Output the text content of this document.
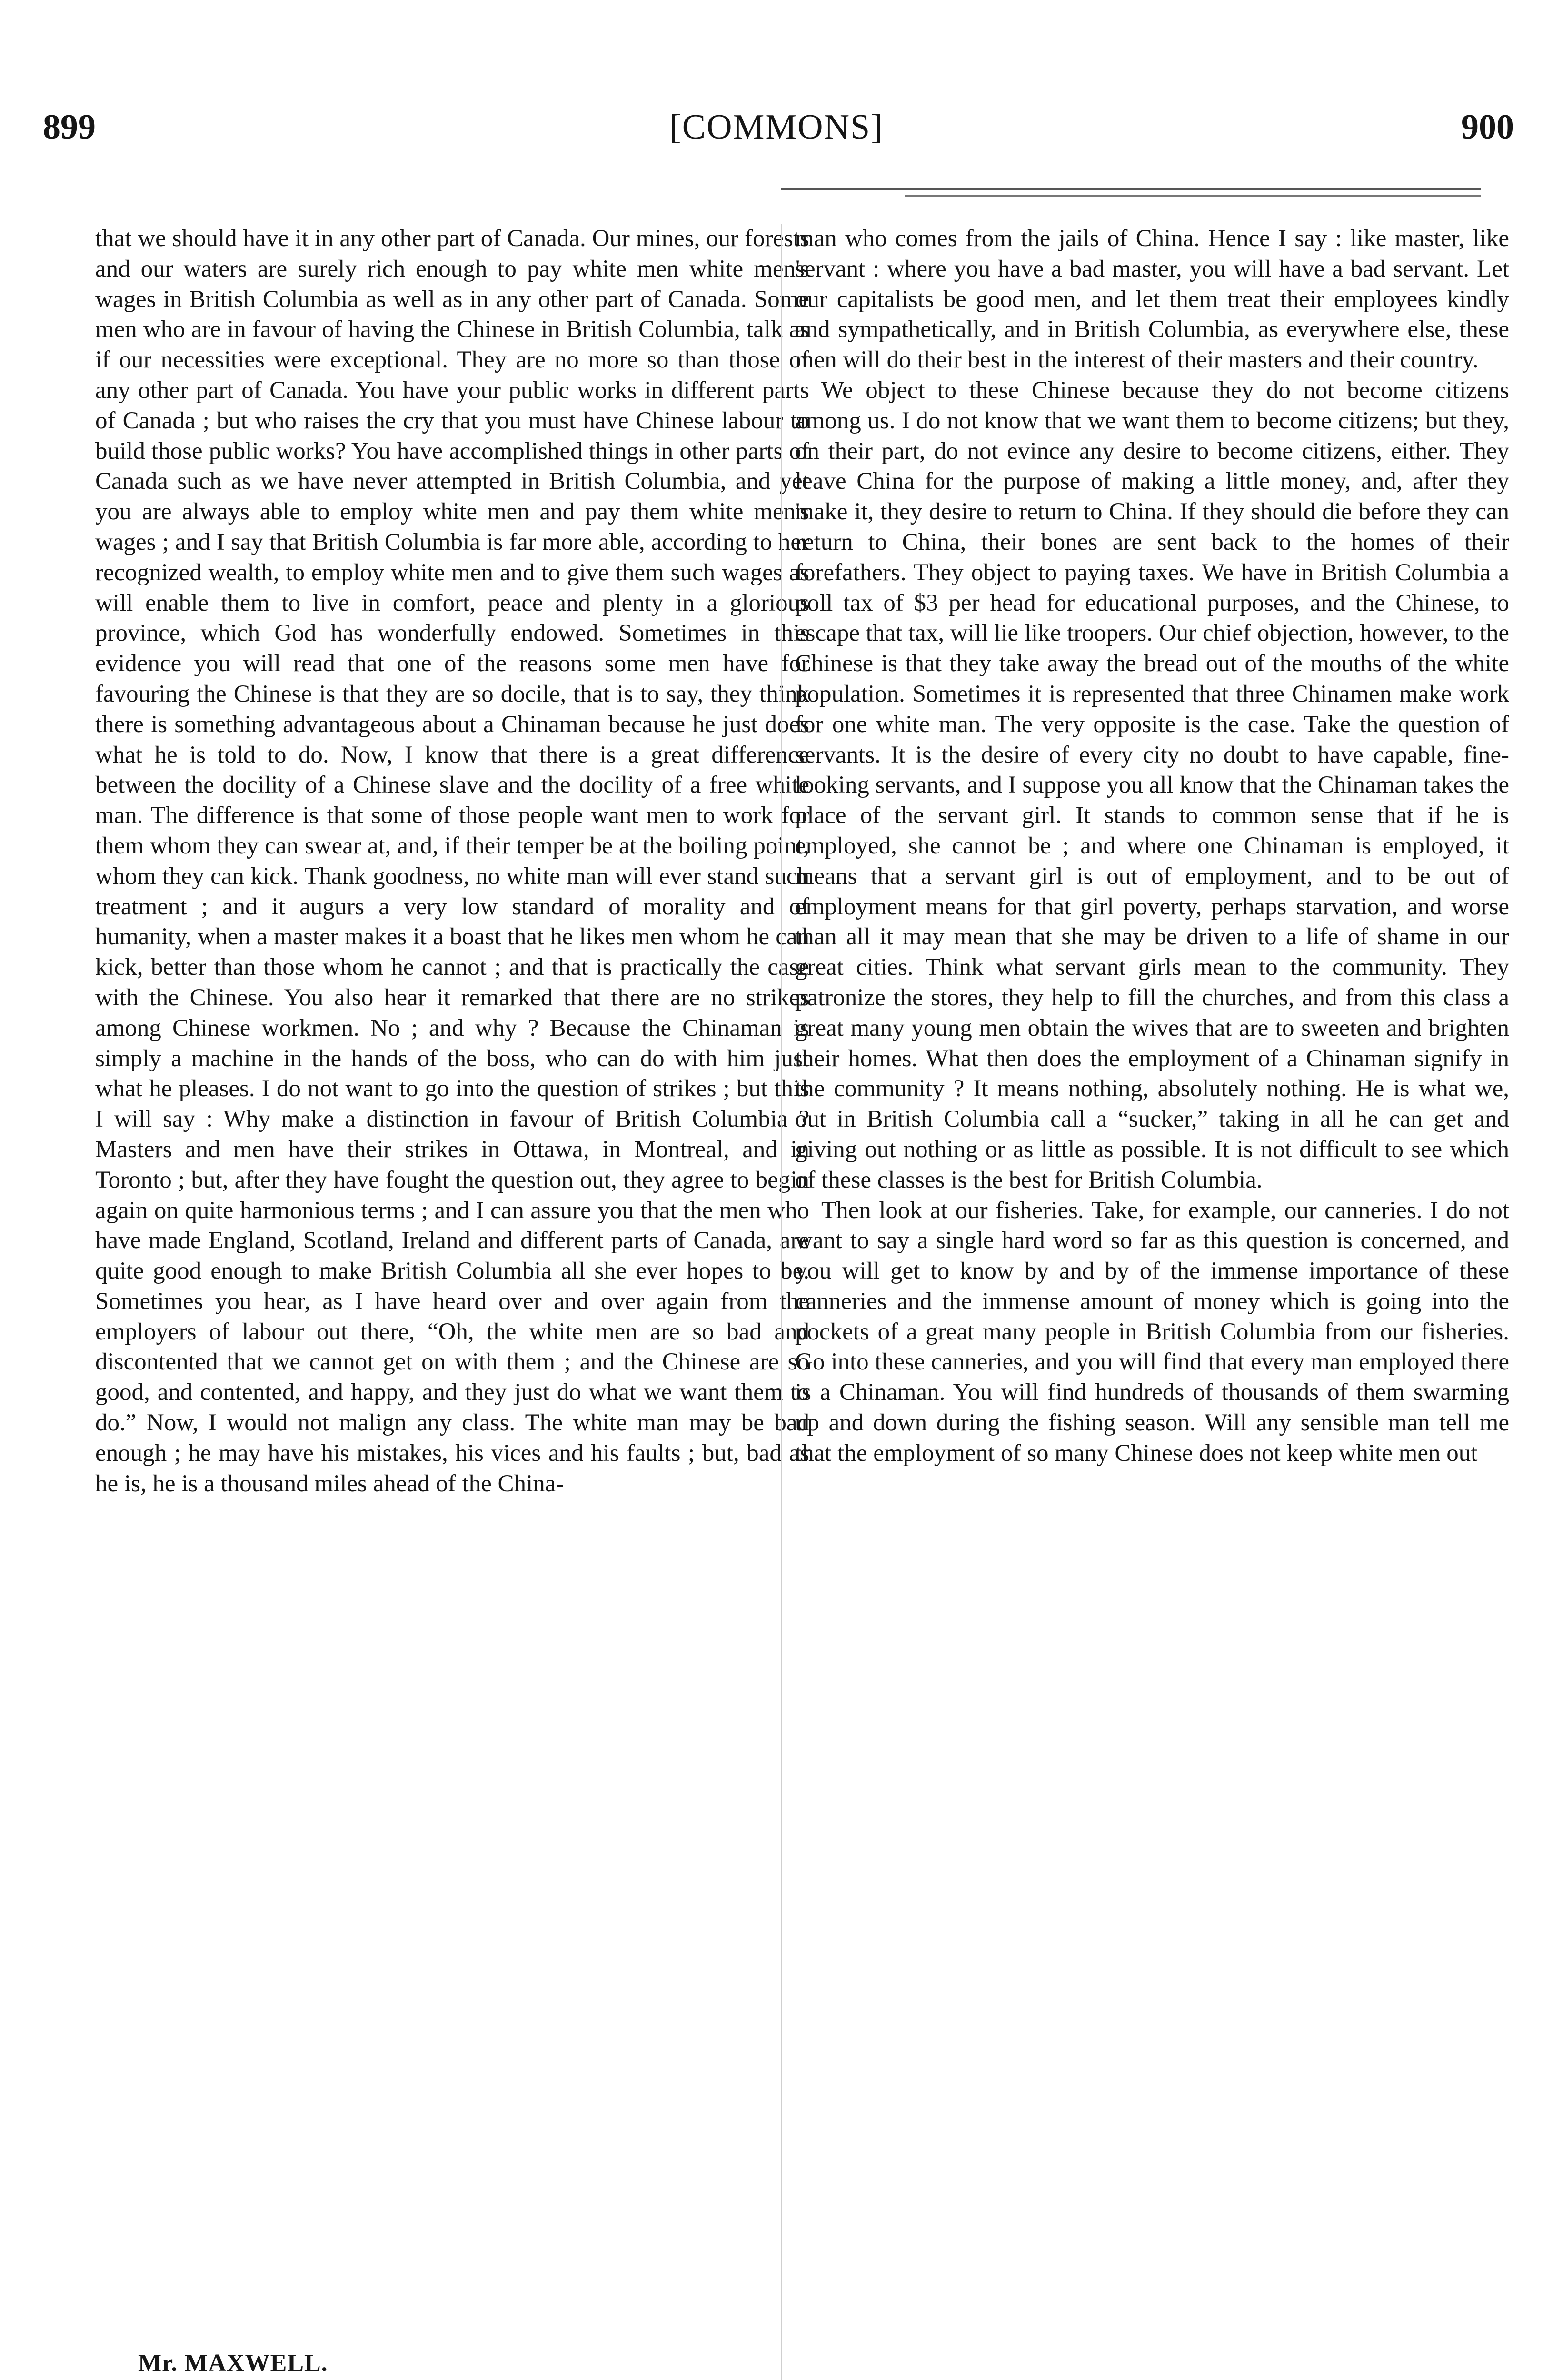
899	[COMMONS]	900

that we should have it in any other part of Canada. Our mines, our forests and our waters are surely rich enough to pay white men white men's wages in British Columbia as well as in any other part of Canada. Some men who are in favour of having the Chinese in British Columbia, talk as if our necessities were exceptional. They are no more so than those of any other part of Canada. You have your public works in different parts of Canada ; but who raises the cry that you must have Chinese labour to build those public works? You have accomplished things in other parts of Canada such as we have never attempted in British Columbia, and yet you are always able to employ white men and pay them white men's wages ; and I say that British Columbia is far more able, according to her recognized wealth, to employ white men and to give them such wages as will enable them to live in comfort, peace and plenty in a glorious province, which God has wonderfully endowed. Sometimes in this evidence you will read that one of the reasons some men have for favouring the Chinese is that they are so docile, that is to say, they think there is something advantageous about a Chinaman because he just does what he is told to do. Now, I know that there is a great difference between the docility of a Chinese slave and the docility of a free white man. The difference is that some of those people want men to work for them whom they can swear at, and, if their temper be at the boiling point, whom they can kick. Thank goodness, no white man will ever stand such treatment ; and it augurs a very low standard of morality and of humanity, when a master makes it a boast that he likes men whom he can kick, better than those whom he cannot ; and that is practically the case with the Chinese. You also hear it remarked that there are no strikes among Chinese workmen. No ; and why ? Because the Chinaman is simply a machine in the hands of the boss, who can do with him just what he pleases. I do not want to go into the question of strikes ; but this I will say : Why make a distinction in favour of British Columbia ? Masters and men have their strikes in Ottawa, in Montreal, and in Toronto ; but, after they have fought the question out, they agree to begin again on quite harmonious terms ; and I can assure you that the men who have made England, Scotland, Ireland and different parts of Canada, are quite good enough to make British Columbia all she ever hopes to be. Sometimes you hear, as I have heard over and over again from the employers of labour out there, “Oh, the white men are so bad and discontented that we cannot get on with them ; and the Chinese are so good, and contented, and happy, and they just do what we want them to do.” Now, I would not malign any class. The white man may be bad enough ; he may have his mistakes, his vices and his faults ; but, bad as he is, he is a thousand miles ahead of the China-

man who comes from the jails of China. Hence I say : like master, like servant : where you have a bad master, you will have a bad servant. Let our capitalists be good men, and let them treat their employees kindly and sympathetically, and in British Columbia, as everywhere else, these men will do their best in the interest of their masters and their country.

We object to these Chinese because they do not become citizens among us. I do not know that we want them to become citizens; but they, on their part, do not evince any desire to become citizens, either. They leave China for the purpose of making a little money, and, after they make it, they desire to return to China. If they should die before they can return to China, their bones are sent back to the homes of their forefathers. They object to paying taxes. We have in British Columbia a poll tax of $3 per head for educational purposes, and the Chinese, to escape that tax, will lie like troopers. Our chief objection, however, to the Chinese is that they take away the bread out of the mouths of the white population. Sometimes it is represented that three Chinamen make work for one white man. The very opposite is the case. Take the question of servants. It is the desire of every city no doubt to have capable, fine-looking servants, and I suppose you all know that the Chinaman takes the place of the servant girl. It stands to common sense that if he is employed, she cannot be ; and where one Chinaman is employed, it means that a servant girl is out of employment, and to be out of employment means for that girl poverty, perhaps starvation, and worse than all it may mean that she may be driven to a life of shame in our great cities. Think what servant girls mean to the community. They patronize the stores, they help to fill the churches, and from this class a great many young men obtain the wives that are to sweeten and brighten their homes. What then does the employment of a Chinaman signify in the community ? It means nothing, absolutely nothing. He is what we, out in British Columbia call a “sucker,” taking in all he can get and giving out nothing or as little as possible. It is not difficult to see which of these classes is the best for British Columbia.

Then look at our fisheries. Take, for example, our canneries. I do not want to say a single hard word so far as this question is concerned, and you will get to know by and by of the immense importance of these canneries and the immense amount of money which is going into the pockets of a great many people in British Columbia from our fisheries. Go into these canneries, and you will find that every man employed there is a Chinaman. You will find hundreds of thousands of them swarming up and down during the fishing season. Will any sensible man tell me that the employment of so many Chinese does not keep white men out

Mr. MAXWELL.
